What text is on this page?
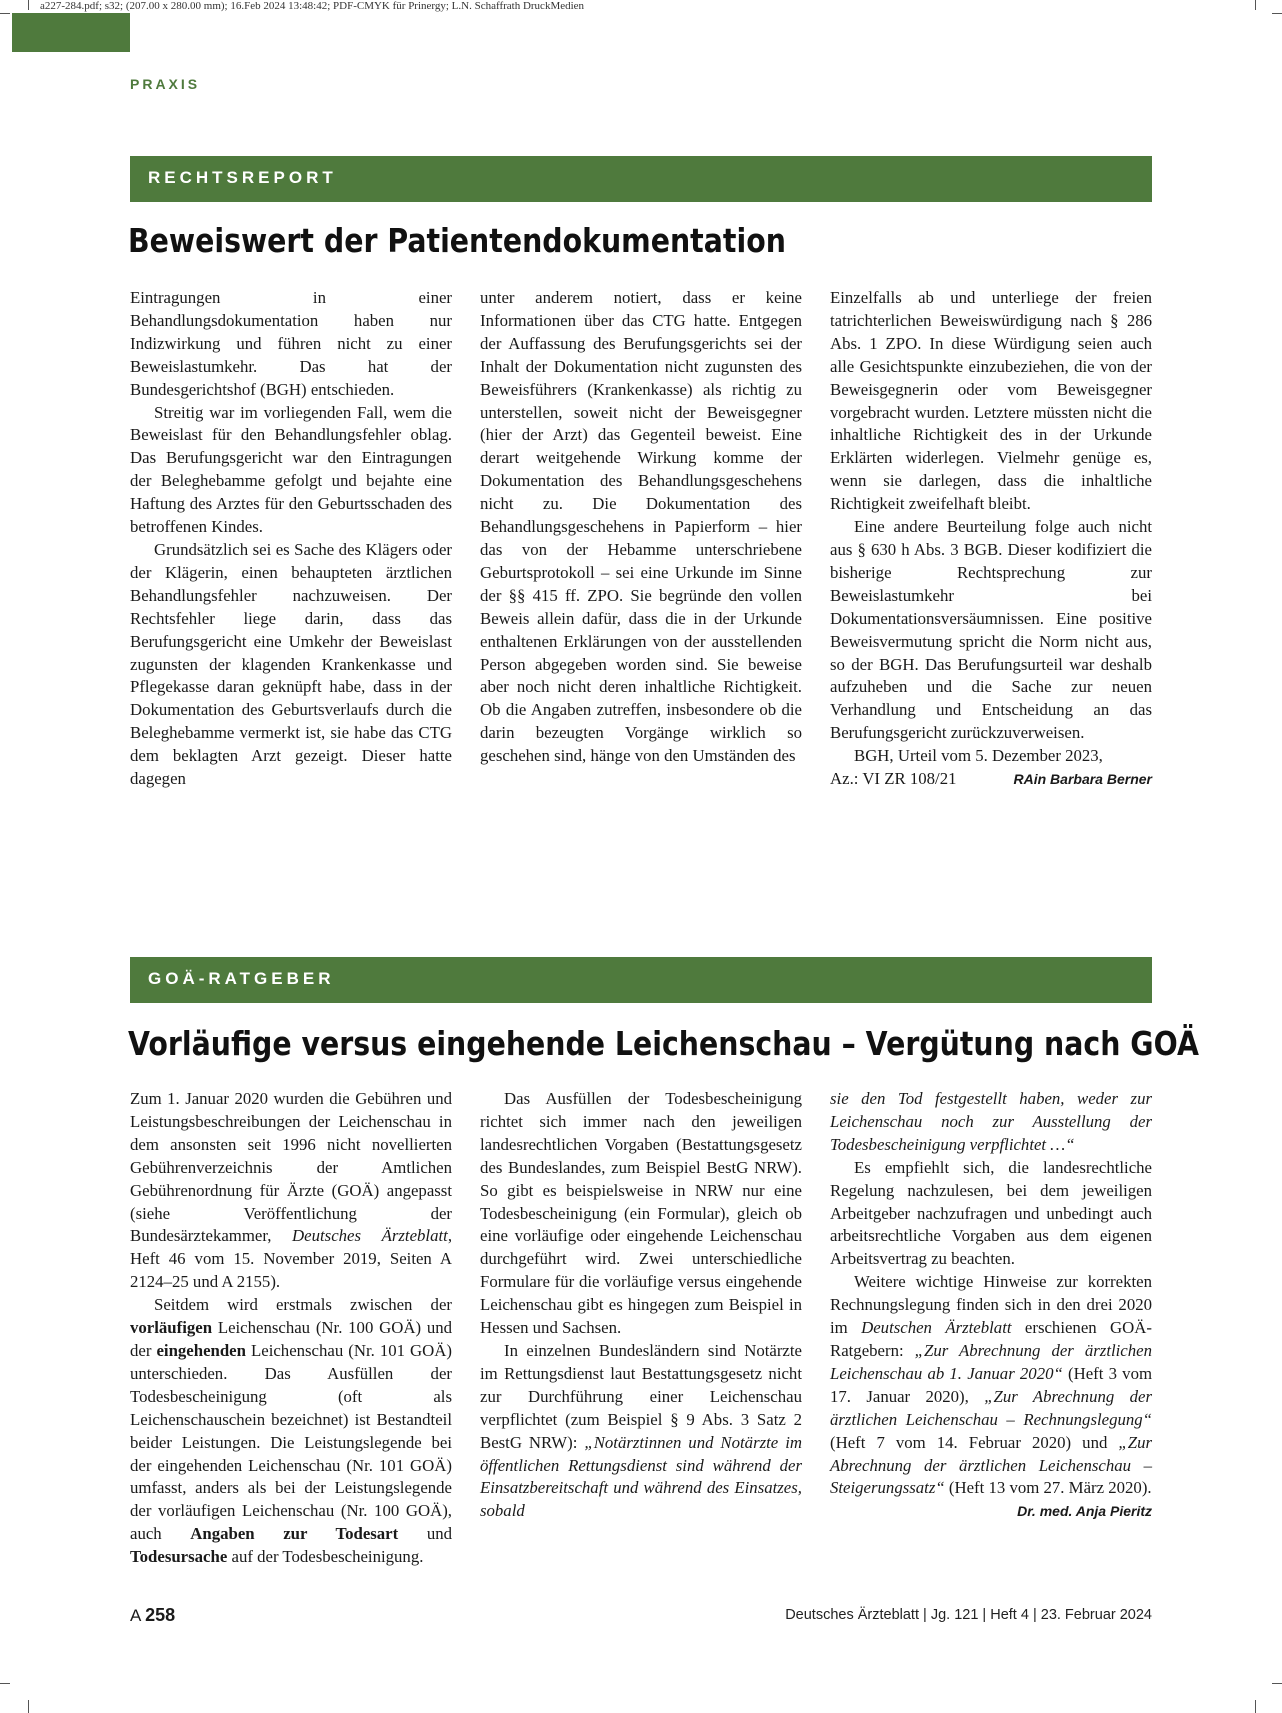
a227-284.pdf; s32; (207.00 x 280.00 mm); 16.Feb 2024 13:48:42; PDF-CMYK für Prinergy; L.N. Schaffrath DruckMedien
PRAXIS
RECHTSREPORT
Beweiswert der Patientendokumentation

Eintragungen in einer Behandlungsdokumentation haben nur Indizwirkung und führen nicht zu einer Beweislastumkehr. Das hat der Bundesgerichtshof (BGH) entschieden.

Streitig war im vorliegenden Fall, wem die Beweislast für den Behandlungsfehler oblag. Das Berufungsgericht war den Eintragungen der Beleghebamme gefolgt und bejahte eine Haftung des Arztes für den Geburtsschaden des betroffenen Kindes.

Grundsätzlich sei es Sache des Klägers oder der Klägerin, einen behaupteten ärztlichen Behandlungsfehler nachzuweisen. Der Rechtsfehler liege darin, dass das Berufungsgericht eine Umkehr der Beweislast zugunsten der klagenden Krankenkasse und Pflegekasse daran geknüpft habe, dass in der Dokumentation des Geburtsverlaufs durch die Beleghebamme vermerkt ist, sie habe das CTG dem beklagten Arzt gezeigt. Dieser hatte dagegen

unter anderem notiert, dass er keine Informationen über das CTG hatte. Entgegen der Auffassung des Berufungsgerichts sei der Inhalt der Dokumentation nicht zugunsten des Beweisführers (Krankenkasse) als richtig zu unterstellen, soweit nicht der Beweisgegner (hier der Arzt) das Gegenteil beweist. Eine derart weitgehende Wirkung komme der Dokumentation des Behandlungsgeschehens nicht zu. Die Dokumentation des Behandlungsgeschehens in Papierform – hier das von der Hebamme unterschriebene Geburtsprotokoll – sei eine Urkunde im Sinne der §§ 415 ff. ZPO. Sie begründe den vollen Beweis allein dafür, dass die in der Urkunde enthaltenen Erklärungen von der ausstellenden Person abgegeben worden sind. Sie beweise aber noch nicht deren inhaltliche Richtigkeit. Ob die Angaben zutreffen, insbesondere ob die darin bezeugten Vorgänge wirklich so geschehen sind, hänge von den Umständen des

Einzelfalls ab und unterliege der freien tatrichterlichen Beweiswürdigung nach § 286 Abs. 1 ZPO. In diese Würdigung seien auch alle Gesichtspunkte einzubeziehen, die von der Beweisgegnerin oder vom Beweisgegner vorgebracht wurden. Letztere müssten nicht die inhaltliche Richtigkeit des in der Urkunde Erklärten widerlegen. Vielmehr genüge es, wenn sie darlegen, dass die inhaltliche Richtigkeit zweifelhaft bleibt.

Eine andere Beurteilung folge auch nicht aus § 630 h Abs. 3 BGB. Dieser kodifiziert die bisherige Rechtsprechung zur Beweislastumkehr bei Dokumentationsversäumnissen. Eine positive Beweisvermutung spricht die Norm nicht aus, so der BGH. Das Berufungsurteil war deshalb aufzuheben und die Sache zur neuen Verhandlung und Entscheidung an das Berufungsgericht zurückzuverweisen.

BGH, Urteil vom 5. Dezember 2023,

Az.: VI ZR 108/21	RAin Barbara Berner

GOÄ-RATGEBER
Vorläufige versus eingehende Leichenschau – Vergütung nach GOÄ

Zum 1. Januar 2020 wurden die Gebühren und Leistungsbeschreibungen der Leichenschau in dem ansonsten seit 1996 nicht novellierten Gebührenverzeichnis der Amtlichen Gebührenordnung für Ärzte (GOÄ) angepasst (siehe Veröffentlichung der Bundesärztekammer, Deutsches Ärzteblatt, Heft 46 vom 15. November 2019, Seiten A 2124–25 und A 2155).

Seitdem wird erstmals zwischen der vorläufigen Leichenschau (Nr. 100 GOÄ) und der eingehenden Leichenschau (Nr. 101 GOÄ) unterschieden. Das Ausfüllen der Todesbescheinigung (oft als Leichenschauschein bezeichnet) ist Bestandteil beider Leistungen. Die Leistungslegende bei der eingehenden Leichenschau (Nr. 101 GOÄ) umfasst, anders als bei der Leistungslegende der vorläufigen Leichenschau (Nr. 100 GOÄ), auch Angaben zur Todesart und Todesursache auf der Todesbescheinigung.

Das Ausfüllen der Todesbescheinigung richtet sich immer nach den jeweiligen landesrechtlichen Vorgaben (Bestattungsgesetz des Bundeslandes, zum Beispiel BestG NRW). So gibt es beispielsweise in NRW nur eine Todesbescheinigung (ein Formular), gleich ob eine vorläufige oder eingehende Leichenschau durchgeführt wird. Zwei unterschiedliche Formulare für die vorläufige versus eingehende Leichenschau gibt es hingegen zum Beispiel in Hessen und Sachsen.

In einzelnen Bundesländern sind Notärzte im Rettungsdienst laut Bestattungsgesetz nicht zur Durchführung einer Leichenschau verpflichtet (zum Beispiel § 9 Abs. 3 Satz 2 BestG NRW): „Notärztinnen und Notärzte im öffentlichen Rettungsdienst sind während der Einsatzbereitschaft und während des Einsatzes, sobald

sie den Tod festgestellt haben, weder zur Leichenschau noch zur Ausstellung der Todesbescheinigung verpflichtet …“

Es empfiehlt sich, die landesrechtliche Regelung nachzulesen, bei dem jeweiligen Arbeitgeber nachzufragen und unbedingt auch arbeitsrechtliche Vorgaben aus dem eigenen Arbeitsvertrag zu beachten.

Weitere wichtige Hinweise zur korrekten Rechnungslegung finden sich in den drei 2020 im Deutschen Ärzteblatt erschienen GOÄ-Ratgebern: „Zur Abrechnung der ärztlichen Leichenschau ab 1. Januar 2020“ (Heft 3 vom 17. Januar 2020), „Zur Abrechnung der ärztlichen Leichenschau – Rechnungslegung“ (Heft 7 vom 14. Februar 2020) und „Zur Abrechnung der ärztlichen Leichenschau – Steigerungssatz“ (Heft 13 vom 27. März 2020).

Dr. med. Anja Pieritz

A 258	Deutsches Ärzteblatt | Jg. 121 | Heft 4 | 23. Februar 2024
